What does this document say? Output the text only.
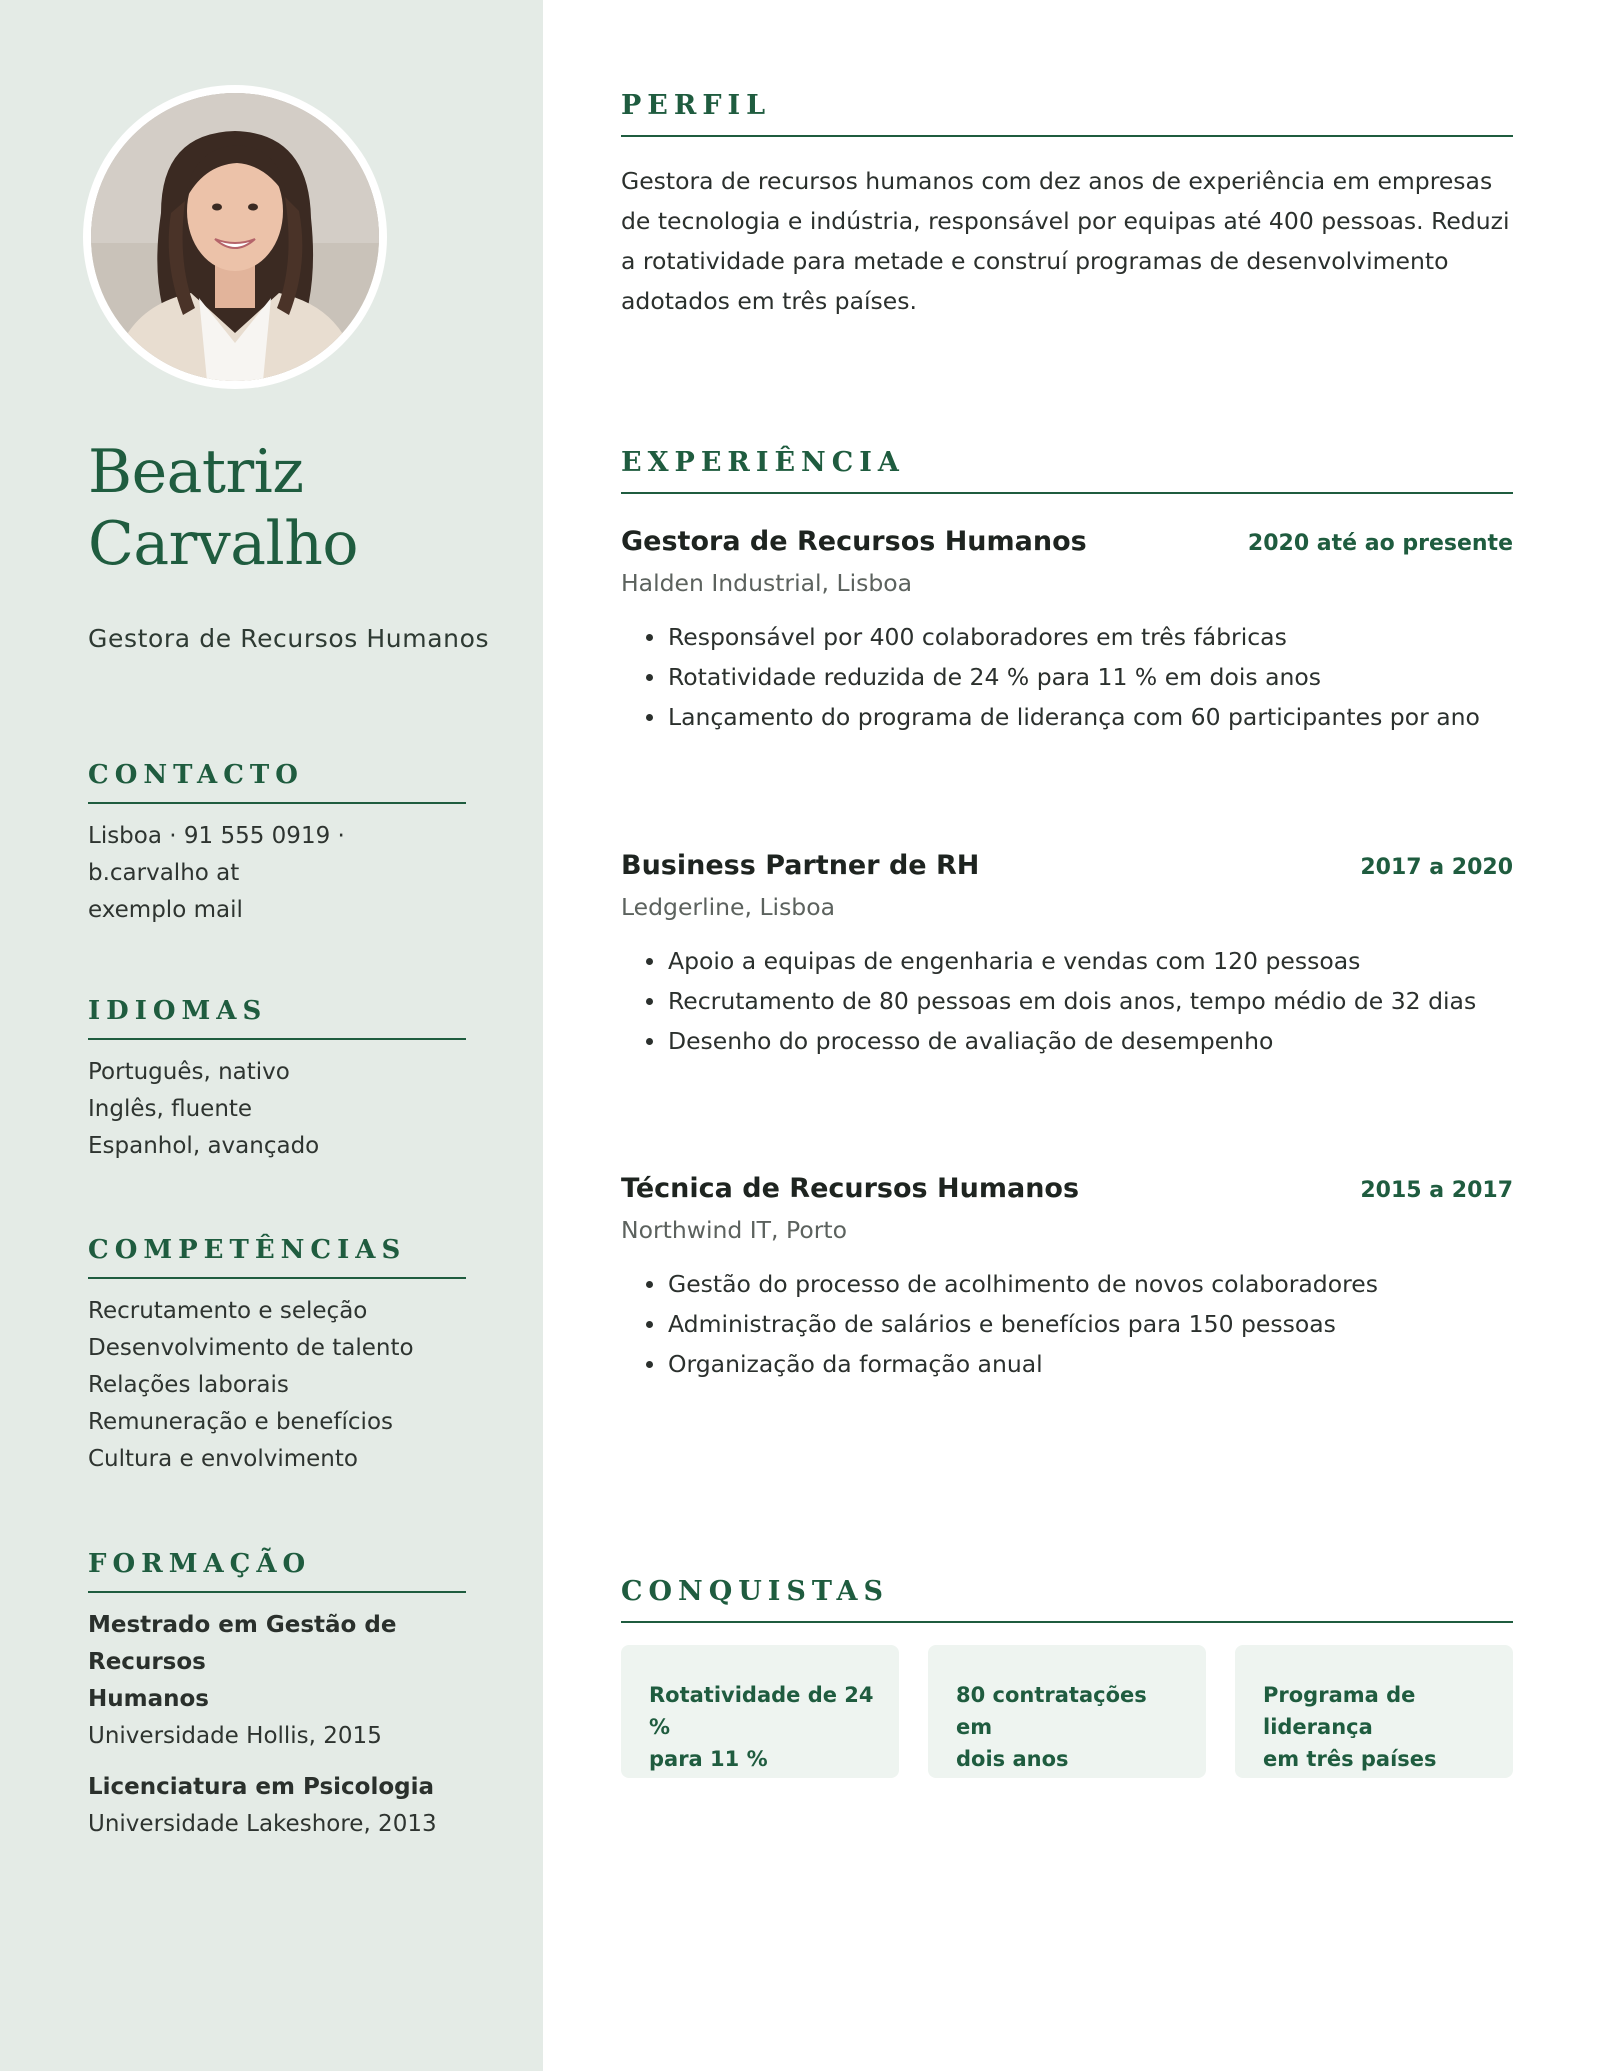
Beatriz
Carvalho
Gestora de Recursos Humanos
CONTACTO
Lisboa · 91 555 0919 · b.carvalho at
exemplo mail
IDIOMAS
Português, nativo
Inglês, fluente
Espanhol, avançado
COMPETÊNCIAS
Recrutamento e seleção
Desenvolvimento de talento
Relações laborais
Remuneração e benefícios
Cultura e envolvimento
FORMAÇÃO
Mestrado em Gestão de Recursos
Humanos
Universidade Hollis, 2015
Licenciatura em Psicologia
Universidade Lakeshore, 2013
PERFIL

Gestora de recursos humanos com dez anos de experiência em empresas de tecnologia e indústria, responsável por equipas até 400 pessoas. Reduzi a rotatividade para metade e construí programas de desenvolvimento adotados em três países.

EXPERIÊNCIA
Gestora de Recursos Humanos	2020 até ao presente
Halden Industrial, Lisboa
Responsável por 400 colaboradores em três fábricas
Rotatividade reduzida de 24 % para 11 % em dois anos
Lançamento do programa de liderança com 60 participantes por ano
Business Partner de RH	2017 a 2020
Ledgerline, Lisboa
Apoio a equipas de engenharia e vendas com 120 pessoas
Recrutamento de 80 pessoas em dois anos, tempo médio de 32 dias
Desenho do processo de avaliação de desempenho
Técnica de Recursos Humanos	2015 a 2017
Northwind IT, Porto
Gestão do processo de acolhimento de novos colaboradores
Administração de salários e benefícios para 150 pessoas
Organização da formação anual
CONQUISTAS
Rotatividade de 24 %
para 11 %
80 contratações em
dois anos
Programa de liderança
em três países
